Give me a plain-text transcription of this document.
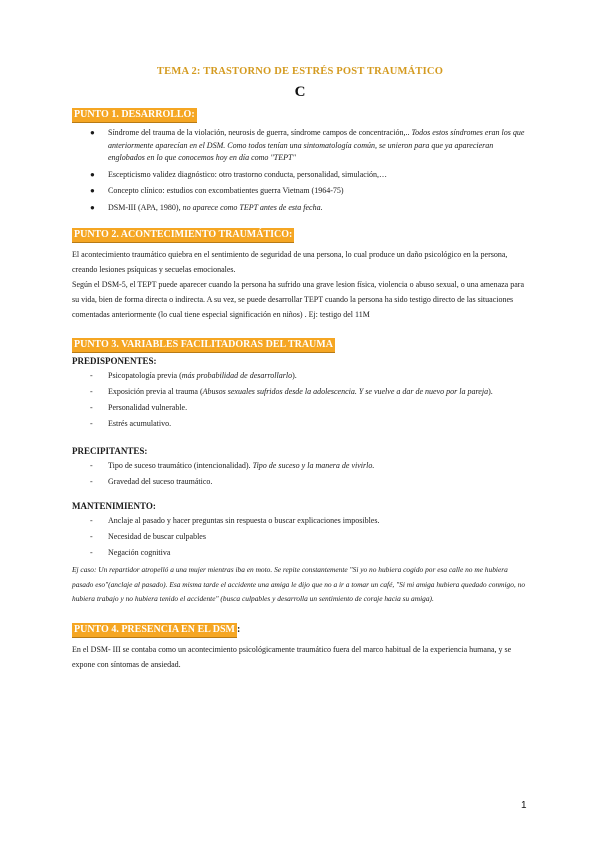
TEMA 2: TRASTORNO DE ESTRÉS POST TRAUMÁTICO
C
PUNTO 1. DESARROLLO:
● Síndrome del trauma de la violación, neurosis de guerra, síndrome campos de concentración,.. Todos estos síndromes eran los que anteriormente aparecían en el DSM. Como todos tenían una sintomatología común, se unieron para que ya aparecieran englobados en lo que conocemos hoy en día como "TEPT"
● Escepticismo validez diagnóstico: otro trastorno conducta, personalidad, simulación,…
● Concepto clínico: estudios con excombatientes guerra Vietnam (1964-75)
● DSM-III (APA, 1980), no aparece como TEPT antes de esta fecha.
PUNTO 2. ACONTECIMIENTO TRAUMÁTICO:

El acontecimiento traumático quiebra en el sentimiento de seguridad de una persona, lo cual produce un daño psicológico en la persona, creando lesiones psíquicas y secuelas emocionales.

Según el DSM-5, el TEPT puede aparecer cuando la persona ha sufrido una grave lesion física, violencia o abuso sexual, o una amenaza para su vida, bien de forma directa o indirecta. A su vez, se puede desarrollar TEPT cuando la persona ha sido testigo directo de las situaciones comentadas anteriormente (lo cual tiene especial significación en niños) . Ej: testigo del 11M

PUNTO 3. VARIABLES FACILITADORAS DEL TRAUMA
PREDISPONENTES:
- Psicopatología previa (más probabilidad de desarrollarlo).
- Exposición previa al trauma (Abusos sexuales sufridos desde la adolescencia. Y se vuelve a dar de nuevo por la pareja).
- Personalidad vulnerable.
- Estrés acumulativo.
PRECIPITANTES:
- Tipo de suceso traumático (intencionalidad). Tipo de suceso y la manera de vivirlo.
- Gravedad del suceso traumático.
MANTENIMIENTO:
- Anclaje al pasado y hacer preguntas sin respuesta o buscar explicaciones imposibles.
- Necesidad de buscar culpables
- Negación cognitiva
Ej caso: Un repartidor atropelló a una mujer mientras iba en moto. Se repite constantemente "Si yo no hubiera cogido por esa calle no me hubiera pasado eso"(anclaje al pasado). Esa misma tarde el accidente una amiga le dijo que no a ir a tomar un café, "Si mi amiga hubiera quedado conmigo, no hubiera trabajo y no hubiera tenido el accidente" (busca culpables y desarrolla un sentimiento de coraje hacia su amiga).
PUNTO 4. PRESENCIA EN EL DSM :

En el DSM- III se contaba como un acontecimiento psicológicamente traumático fuera del marco habitual de la experiencia humana, y se expone con síntomas de ansiedad.

1
